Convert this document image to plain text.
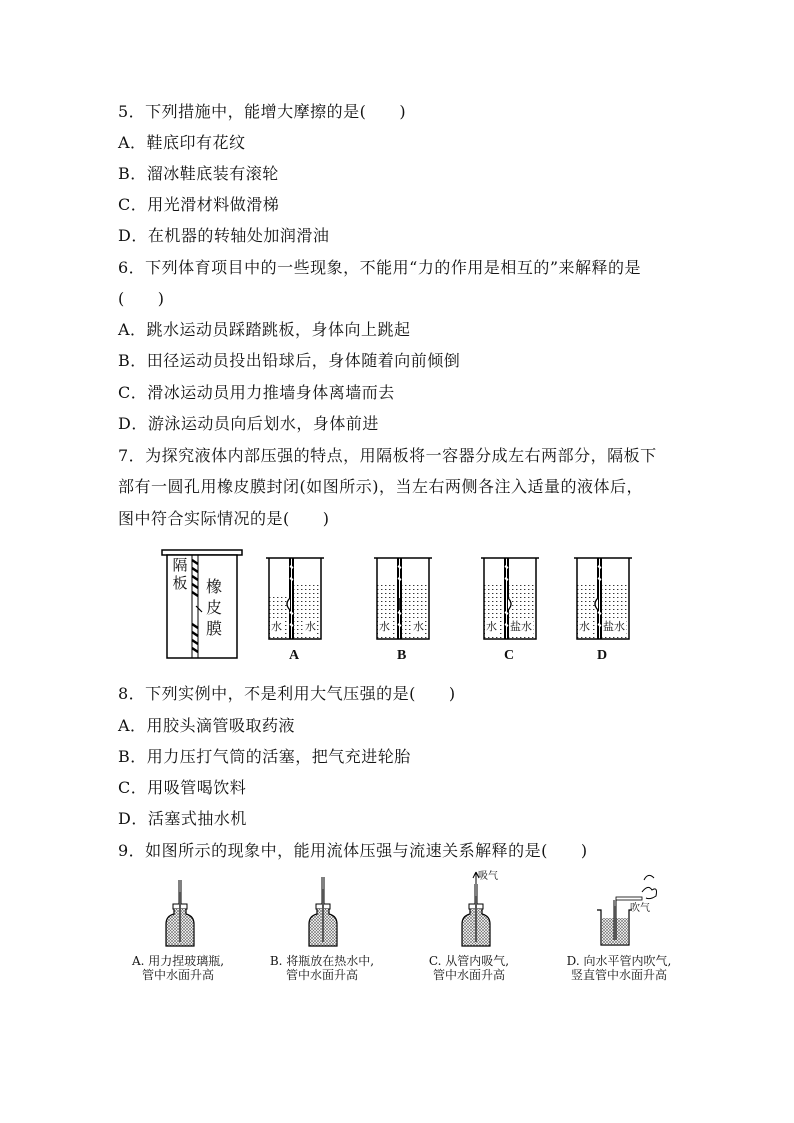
5．下列措施中，能增大摩擦的是(　　)
A．鞋底印有花纹
B．溜冰鞋底装有滚轮
C．用光滑材料做滑梯
D．在机器的转轴处加润滑油
6．下列体育项目中的一些现象，不能用“力的作用是相互的”来解释的是
(　　)
A．跳水运动员踩踏跳板，身体向上跳起
B．田径运动员投出铅球后，身体随着向前倾倒
C．滑冰运动员用力推墙身体离墙而去
D．游泳运动员向后划水，身体前进
7．为探究液体内部压强的特点，用隔板将一容器分成左右两部分，隔板下
部有一圆孔用橡皮膜封闭(如图所示)，当左右两侧各注入适量的液体后，
图中符合实际情况的是(　　)
隔
板 橡
皮
膜	水 水	水 水	水 盐水	水 盐水
A	B	C	D
8．下列实例中，不是利用大气压强的是(　　)
A．用胶头滴管吸取药液
B．用力压打气筒的活塞，把气充进轮胎
C．用吸管喝饮料
D．活塞式抽水机
9．如图所示的现象中，能用流体压强与流速关系解释的是(　　)
吸气
吹气
A. 用力捏玻璃瓶,
管中水面升高
B. 将瓶放在热水中,
管中水面升高
C. 从管内吸气,
管中水面升高
D. 向水平管内吹气,
竖直管中水面升高
